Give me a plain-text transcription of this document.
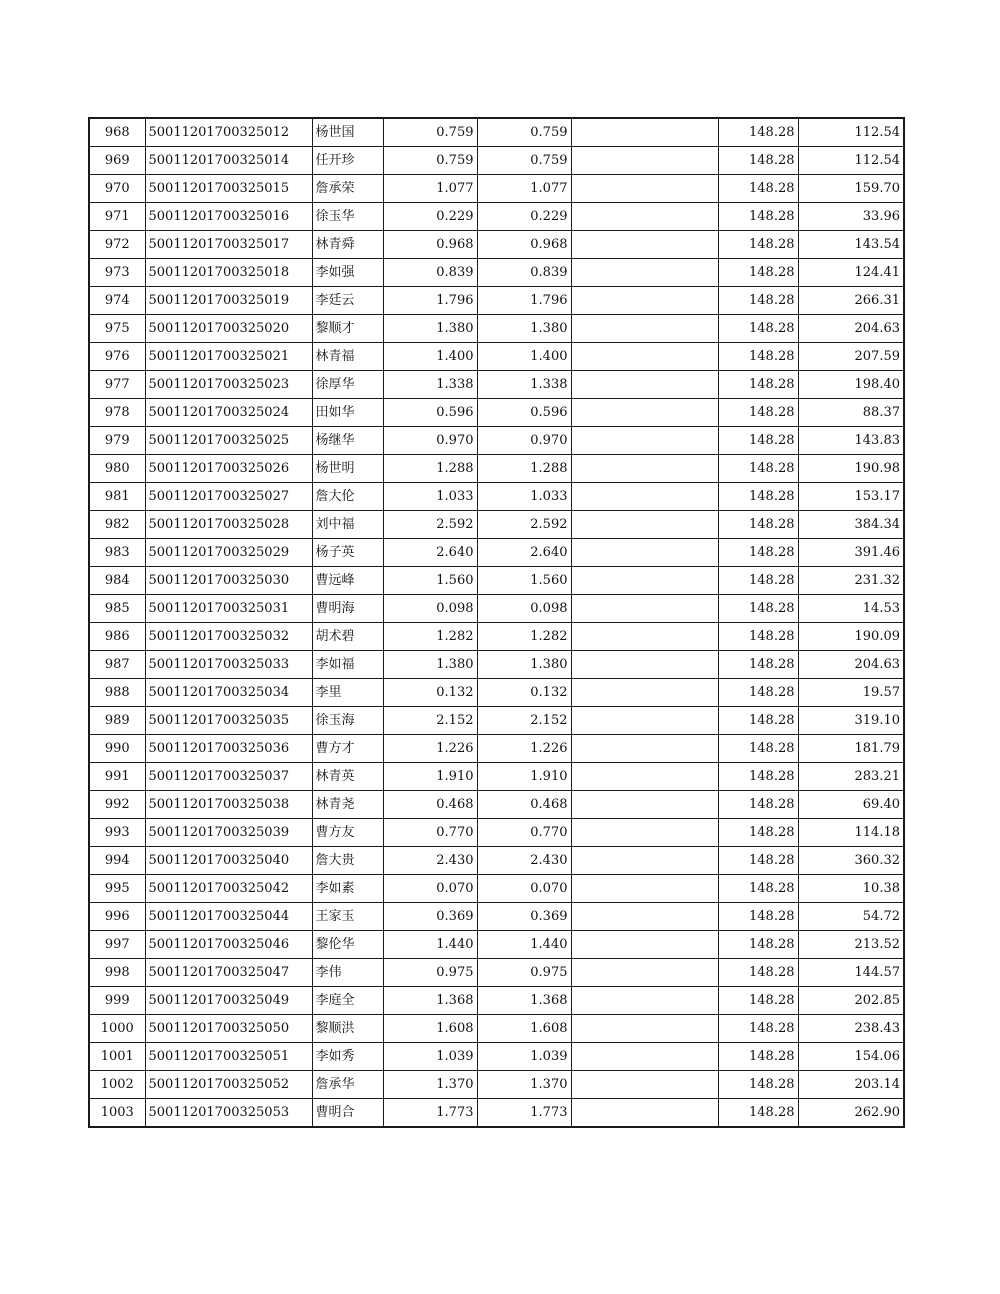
968	50011201700325012	杨世国	0.759	0.759		148.28	112.54
969	50011201700325014	任开珍	0.759	0.759		148.28	112.54
970	50011201700325015	詹承荣	1.077	1.077		148.28	159.70
971	50011201700325016	徐玉华	0.229	0.229		148.28	33.96
972	50011201700325017	林青舜	0.968	0.968		148.28	143.54
973	50011201700325018	李如强	0.839	0.839		148.28	124.41
974	50011201700325019	李廷云	1.796	1.796		148.28	266.31
975	50011201700325020	黎顺才	1.380	1.380		148.28	204.63
976	50011201700325021	林青福	1.400	1.400		148.28	207.59
977	50011201700325023	徐厚华	1.338	1.338		148.28	198.40
978	50011201700325024	田如华	0.596	0.596		148.28	88.37
979	50011201700325025	杨继华	0.970	0.970		148.28	143.83
980	50011201700325026	杨世明	1.288	1.288		148.28	190.98
981	50011201700325027	詹大伦	1.033	1.033		148.28	153.17
982	50011201700325028	刘中福	2.592	2.592		148.28	384.34
983	50011201700325029	杨子英	2.640	2.640		148.28	391.46
984	50011201700325030	曹远峰	1.560	1.560		148.28	231.32
985	50011201700325031	曹明海	0.098	0.098		148.28	14.53
986	50011201700325032	胡术碧	1.282	1.282		148.28	190.09
987	50011201700325033	李如福	1.380	1.380		148.28	204.63
988	50011201700325034	李里	0.132	0.132		148.28	19.57
989	50011201700325035	徐玉海	2.152	2.152		148.28	319.10
990	50011201700325036	曹方才	1.226	1.226		148.28	181.79
991	50011201700325037	林青英	1.910	1.910		148.28	283.21
992	50011201700325038	林青尧	0.468	0.468		148.28	69.40
993	50011201700325039	曹方友	0.770	0.770		148.28	114.18
994	50011201700325040	詹大贵	2.430	2.430		148.28	360.32
995	50011201700325042	李如素	0.070	0.070		148.28	10.38
996	50011201700325044	王家玉	0.369	0.369		148.28	54.72
997	50011201700325046	黎伦华	1.440	1.440		148.28	213.52
998	50011201700325047	李伟	0.975	0.975		148.28	144.57
999	50011201700325049	李庭全	1.368	1.368		148.28	202.85
1000	50011201700325050	黎顺洪	1.608	1.608		148.28	238.43
1001	50011201700325051	李如秀	1.039	1.039		148.28	154.06
1002	50011201700325052	詹承华	1.370	1.370		148.28	203.14
1003	50011201700325053	曹明合	1.773	1.773		148.28	262.90
